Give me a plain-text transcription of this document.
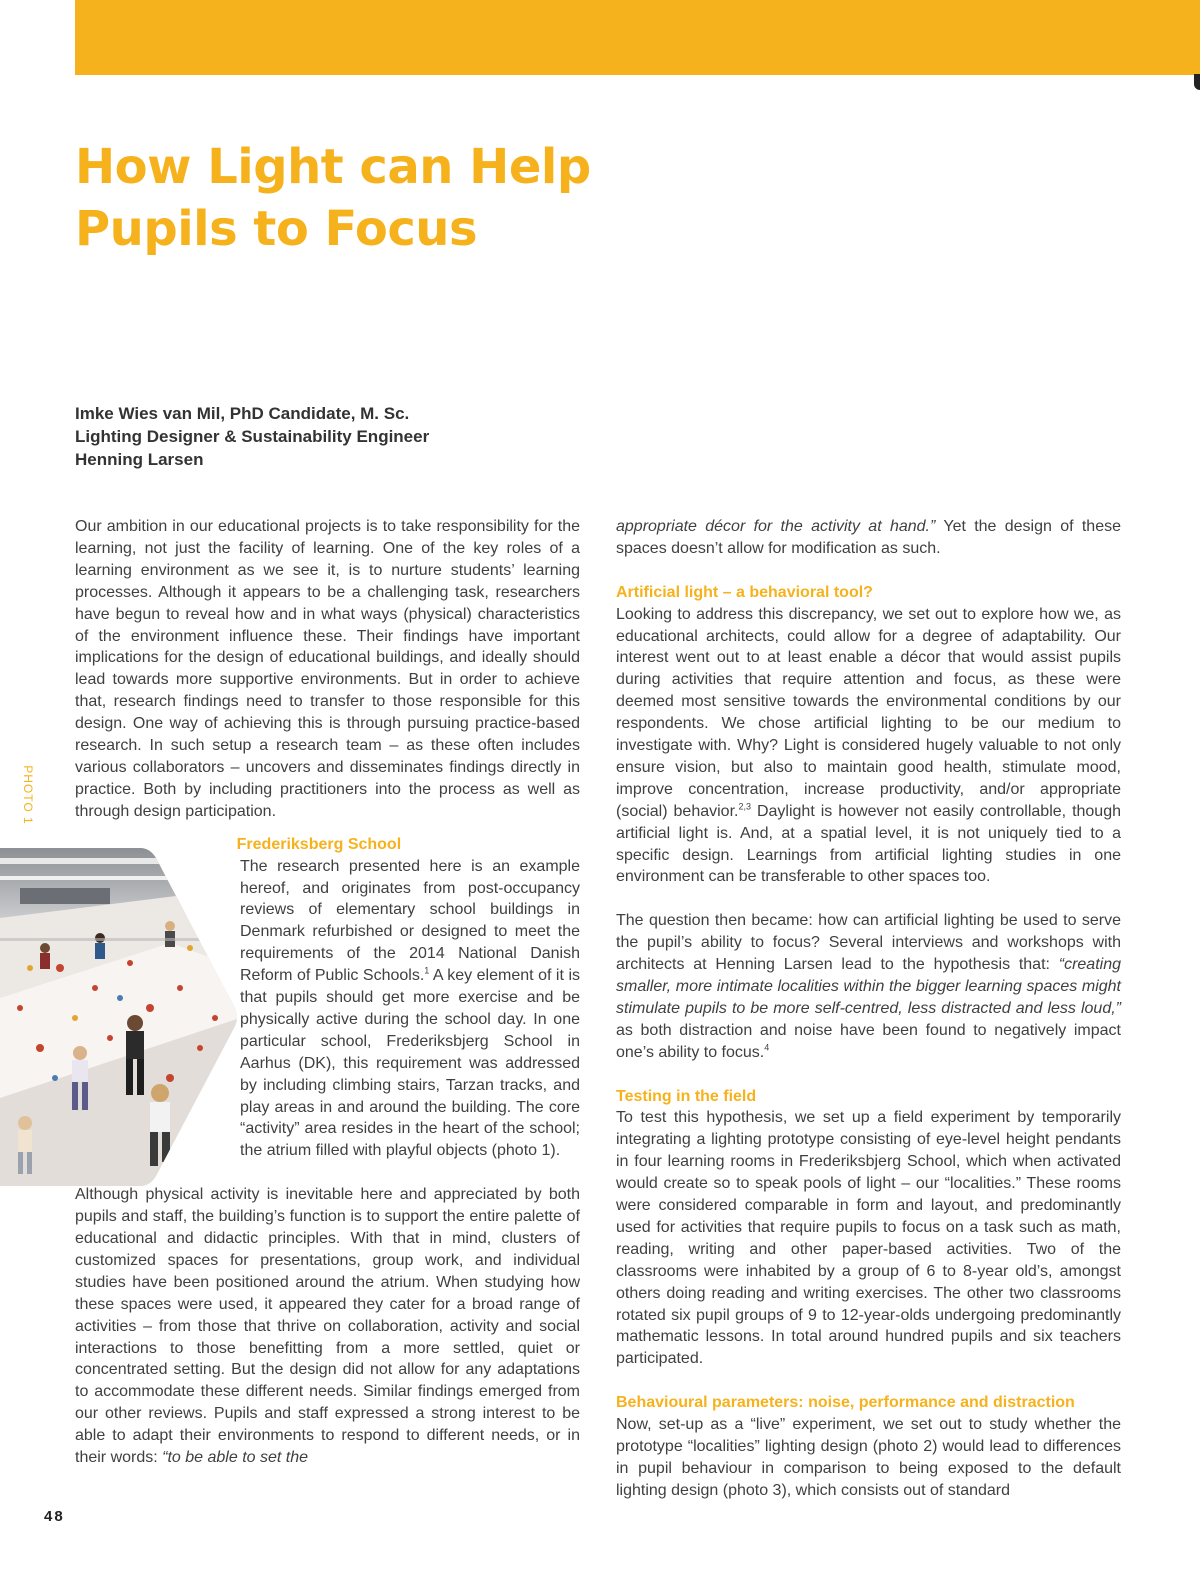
How Light can Help
Pupils to Focus
Imke Wies van Mil, PhD Candidate, M. Sc.
Lighting Designer & Sustainability Engineer
Henning Larsen
PHOTO 1

Our ambition in our educational projects is to take responsibility for the learning, not just the facility of learning. One of the key roles of a learning environment as we see it, is to nurture students’ learning processes. Although it appears to be a challenging task, researchers have begun to reveal how and in what ways (physical) characteristics of the environment influence these. Their findings have important implications for the design of educational buildings, and ideally should lead towards more supportive environments. But in order to achieve that, research findings need to transfer to those responsible for this design. One way of achieving this is through pursuing practice-based research. In such setup a research team – as these often includes various collaborators – uncovers and disseminates findings directly in practice. Both by including practitioners into the process as well as through design participation.

Frederiksberg School

The research presented here is an example hereof, and originates from post-occupancy reviews of elementary school buildings in Denmark refurbished or designed to meet the requirements of the 2014 National Danish Reform of Public Schools.$^1$ A key element of it is that pupils should get more exercise and be physically active during the school day. In one particular school, Frederiksbjerg School in Aarhus (DK), this requirement was addressed by including climbing stairs, Tarzan tracks, and play areas in and around the building. The core “activity” area resides in the heart of the school; the atrium filled with playful objects (photo 1).

Although physical activity is inevitable here and appreciated by both pupils and staff, the building’s function is to support the entire palette of educational and didactic principles. With that in mind, clusters of customized spaces for presentations, group work, and individual studies have been positioned around the atrium. When studying how these spaces were used, it appeared they cater for a broad range of activities – from those that thrive on collaboration, activity and social interactions to those benefitting from a more settled, quiet or concentrated setting. But the design did not allow for any adaptations to accommodate these different needs. Similar findings emerged from our other reviews. Pupils and staff expressed a strong interest to be able to adapt their environments to respond to different needs, or in their words: “to be able to set the

appropriate décor for the activity at hand.” Yet the design of these spaces doesn’t allow for modification as such.

Artificial light – a behavioral tool?

Looking to address this discrepancy, we set out to explore how we, as educational architects, could allow for a degree of adaptability. Our interest went out to at least enable a décor that would assist pupils during activities that require attention and focus, as these were deemed most sensitive towards the environmental conditions by our respondents. We chose artificial lighting to be our medium to investigate with. Why? Light is considered hugely valuable to not only ensure vision, but also to maintain good health, stimulate mood, improve concentration, increase productivity, and/or appropriate (social) behavior.$^{2,3}$ Daylight is however not easily controllable, though artificial light is. And, at a spatial level, it is not uniquely tied to a specific design. Learnings from artificial lighting studies in one environment can be transferable to other spaces too.

The question then became: how can artificial lighting be used to serve the pupil’s ability to focus? Several interviews and workshops with architects at Henning Larsen lead to the hypothesis that: “creating smaller, more intimate localities within the bigger learning spaces might stimulate pupils to be more self-centred, less distracted and less loud,” as both distraction and noise have been found to negatively impact one’s ability to focus.$^4$

Testing in the field

To test this hypothesis, we set up a field experiment by temporarily integrating a lighting prototype consisting of eye-level height pendants in four learning rooms in Frederiksbjerg School, which when activated would create so to speak pools of light – our “localities.” These rooms were considered comparable in form and layout, and predominantly used for activities that require pupils to focus on a task such as math, reading, writing and other paper-based activities. Two of the classrooms were inhabited by a group of 6 to 8-year old’s, amongst others doing reading and writing exercises. The other two classrooms rotated six pupil groups of 9 to 12-year-olds undergoing predominantly mathematic lessons. In total around hundred pupils and six teachers participated.

Behavioural parameters: noise, performance and distraction

Now, set-up as a “live” experiment, we set out to study whether the prototype “localities” lighting design (photo 2) would lead to differences in pupil behaviour in comparison to being exposed to the default lighting design (photo 3), which consists out of standard

48
